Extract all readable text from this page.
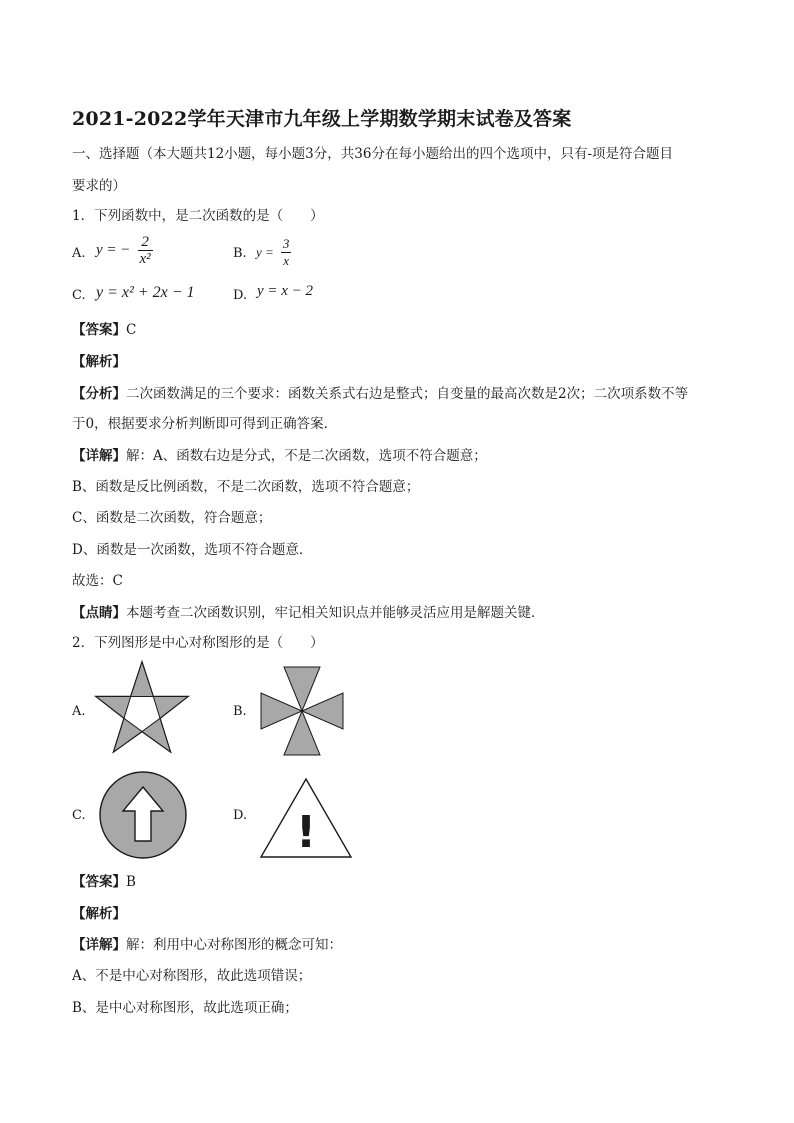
2021-2022学年天津市九年级上学期数学期末试卷及答案
一、选择题（本大题共12小题，每小题3分，共36分在每小题给出的四个选项中，只有-项是符合题目
要求的）
1．下列函数中，是二次函数的是（　　）
A. y = − $\frac{2}{\text{x²}}$	B. $y = \frac{3}{x}$
C. y = x² + 2x − 1	D. y = x − 2
【答案】C
【解析】
【分析】二次函数满足的三个要求：函数关系式右边是整式；自变量的最高次数是2次；二次项系数不等
于0，根据要求分析判断即可得到正确答案．
【详解】解：A、函数右边是分式，不是二次函数，选项不符合题意；
B、函数是反比例函数，不是二次函数，选项不符合题意；
C、函数是二次函数，符合题意；
D、函数是一次函数，选项不符合题意．
故选：C
【点睛】本题考查二次函数识别，牢记相关知识点并能够灵活应用是解题关键．
2．下列图形是中心对称图形的是（　　）
A.	B.
C.	D. !
【答案】B
【解析】
【详解】解：利用中心对称图形的概念可知：
A、不是中心对称图形，故此选项错误；
B、是中心对称图形，故此选项正确；
